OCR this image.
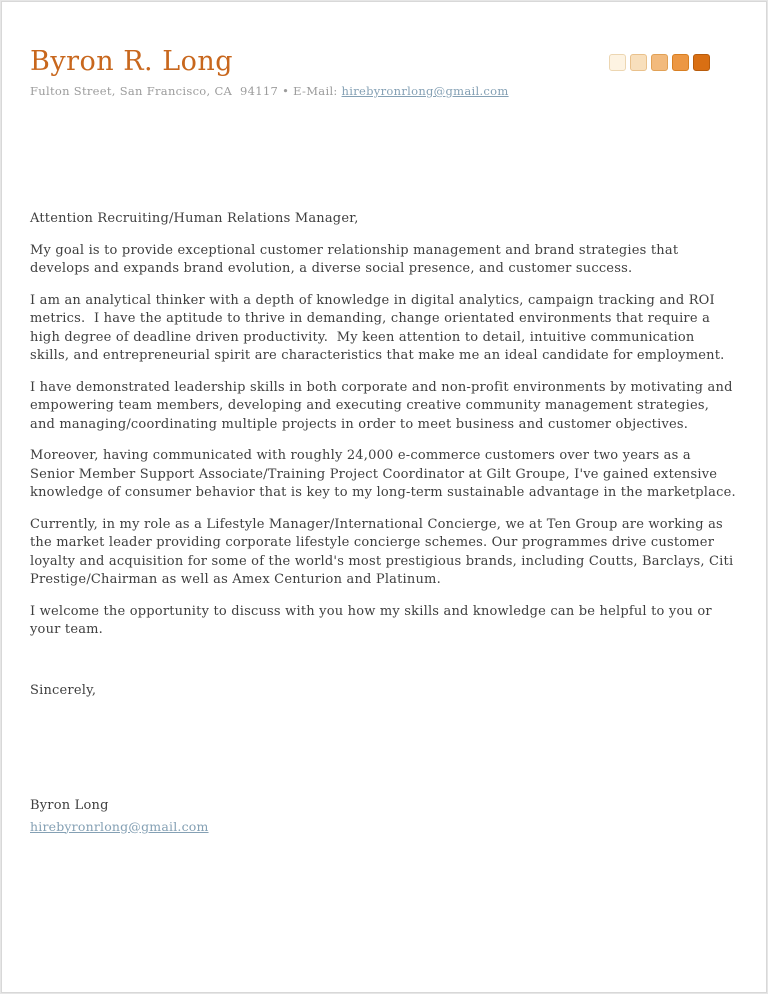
Byron R. Long
Fulton Street, San Francisco, CA  94117 • E-Mail: hirebyronrlong@gmail.com

Attention Recruiting/Human Relations Manager,

My goal is to provide exceptional customer relationship management and brand strategies that develops and expands brand evolution, a diverse social presence, and customer success.

I am an analytical thinker with a depth of knowledge in digital analytics, campaign tracking and ROI metrics.  I have the aptitude to thrive in demanding, change orientated environments that require a high degree of deadline driven productivity.  My keen attention to detail, intuitive communication skills, and entrepreneurial spirit are characteristics that make me an ideal candidate for employment.

I have demonstrated leadership skills in both corporate and non-profit environments by motivating and empowering team members, developing and executing creative community management strategies, and managing/coordinating multiple projects in order to meet business and customer objectives.

Moreover, having communicated with roughly 24,000 e-commerce customers over two years as a Senior Member Support Associate/Training Project Coordinator at Gilt Groupe, I've gained extensive knowledge of consumer behavior that is key to my long-term sustainable advantage in the marketplace.

Currently, in my role as a Lifestyle Manager/International Concierge, we at Ten Group are working as the market leader providing corporate lifestyle concierge schemes. Our programmes drive customer loyalty and acquisition for some of the world's most prestigious brands, including Coutts, Barclays, Citi Prestige/Chairman as well as Amex Centurion and Platinum.

I welcome the opportunity to discuss with you how my skills and knowledge can be helpful to you or your team.

Sincerely,

Byron Long

hirebyronrlong@gmail.com
